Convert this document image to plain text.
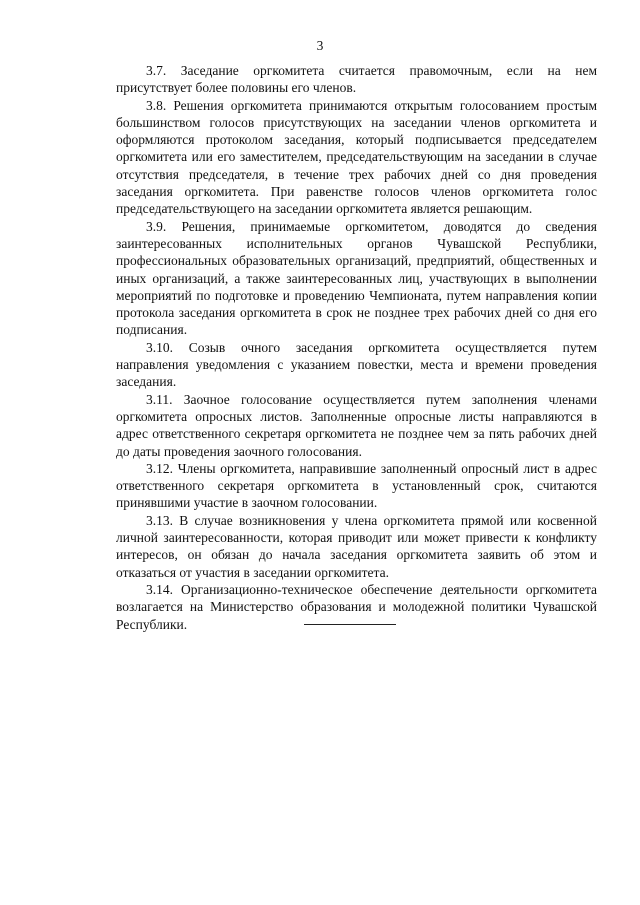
3

3.7. Заседание оргкомитета считается правомочным, если на нем присутствует более половины его членов.

3.8. Решения оргкомитета принимаются открытым голосованием простым большинством голосов присутствующих на заседании членов оргкомитета и оформляются протоколом заседания, который подписывается председателем оргкомитета или его заместителем, председательствующим на заседании в случае отсутствия председателя, в течение трех рабочих дней со дня проведения заседания оргкомитета. При равенстве голосов членов оргкомитета голос председательствующего на заседании оргкомитета является решающим.

3.9. Решения, принимаемые оргкомитетом, доводятся до сведения заинтересованных исполнительных органов Чувашской Республики, профессиональных образовательных организаций, предприятий, общественных и иных организаций, а также заинтересованных лиц, участвующих в выполнении мероприятий по подготовке и проведению Чемпионата, путем направления копии протокола заседания оргкомитета в срок не позднее трех рабочих дней со дня его подписания.

3.10. Созыв очного заседания оргкомитета осуществляется путем направления уведомления с указанием повестки, места и времени проведения заседания.

3.11. Заочное голосование осуществляется путем заполнения членами оргкомитета опросных листов. Заполненные опросные листы направляются в адрес ответственного секретаря оргкомитета не позднее чем за пять рабочих дней до даты проведения заочного голосования.

3.12. Члены оргкомитета, направившие заполненный опросный лист в адрес ответственного секретаря оргкомитета в установленный срок, считаются принявшими участие в заочном голосовании.

3.13. В случае возникновения у члена оргкомитета прямой или косвенной личной заинтересованности, которая приводит или может привести к конфликту интересов, он обязан до начала заседания оргкомитета заявить об этом и отказаться от участия в заседании оргкомитета.

3.14. Организационно-техническое обеспечение деятельности оргкомитета возлагается на Министерство образования и молодежной политики Чувашской Республики.
